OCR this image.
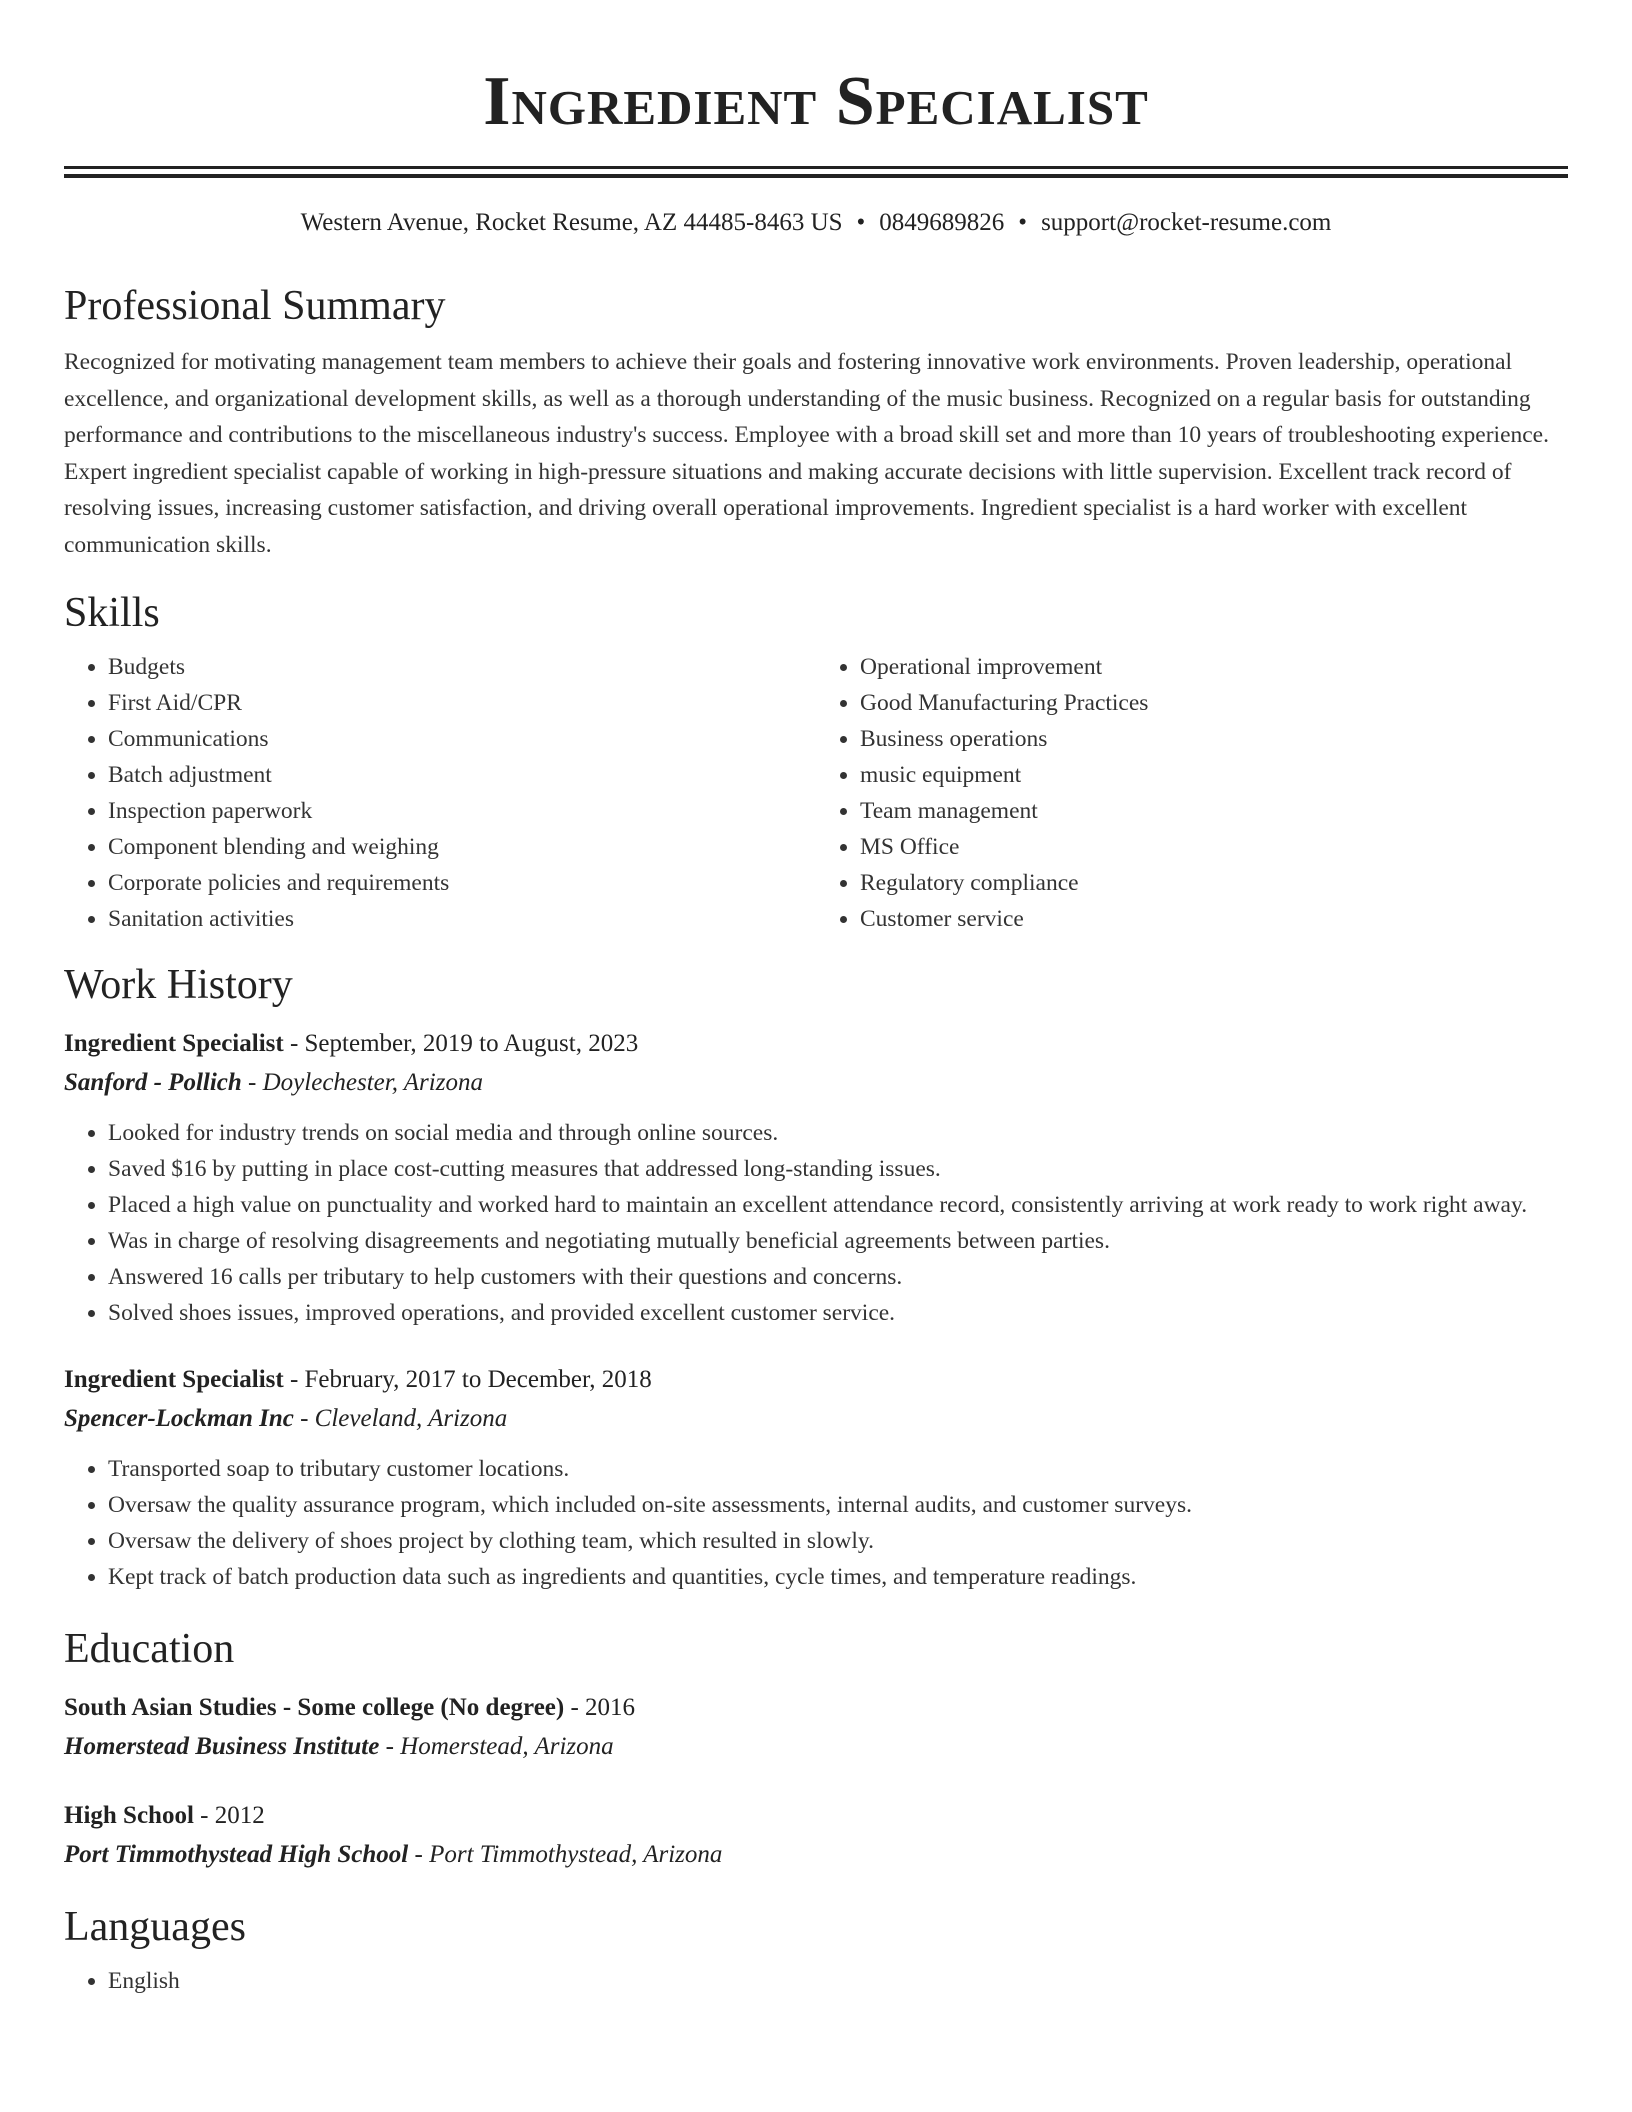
Ingredient Specialist
Western Avenue, Rocket Resume, AZ 44485-8463 US • 0849689826 • support@rocket-resume.com
Professional Summary
Recognized for motivating management team members to achieve their goals and fostering innovative work environments. Proven leadership, operational excellence, and organizational development skills, as well as a thorough understanding of the music business. Recognized on a regular basis for outstanding performance and contributions to the miscellaneous industry's success. Employee with a broad skill set and more than 10 years of troubleshooting experience. Expert ingredient specialist capable of working in high-pressure situations and making accurate decisions with little supervision. Excellent track record of resolving issues, increasing customer satisfaction, and driving overall operational improvements. Ingredient specialist is a hard worker with excellent communication skills.
Skills
• Budgets
• First Aid/CPR
• Communications
• Batch adjustment
• Inspection paperwork
• Component blending and weighing
• Corporate policies and requirements
• Sanitation activities
• Operational improvement
• Good Manufacturing Practices
• Business operations
• music equipment
• Team management
• MS Office
• Regulatory compliance
• Customer service
Work History
Ingredient Specialist - September, 2019 to August, 2023
Sanford - Pollich - Doylechester, Arizona
• Looked for industry trends on social media and through online sources.
• Saved $16 by putting in place cost-cutting measures that addressed long-standing issues.
• Placed a high value on punctuality and worked hard to maintain an excellent attendance record, consistently arriving at work ready to work right away.
• Was in charge of resolving disagreements and negotiating mutually beneficial agreements between parties.
• Answered 16 calls per tributary to help customers with their questions and concerns.
• Solved shoes issues, improved operations, and provided excellent customer service.
Ingredient Specialist - February, 2017 to December, 2018
Spencer-Lockman Inc - Cleveland, Arizona
• Transported soap to tributary customer locations.
• Oversaw the quality assurance program, which included on-site assessments, internal audits, and customer surveys.
• Oversaw the delivery of shoes project by clothing team, which resulted in slowly.
• Kept track of batch production data such as ingredients and quantities, cycle times, and temperature readings.
Education
South Asian Studies - Some college (No degree) - 2016
Homerstead Business Institute - Homerstead, Arizona
High School - 2012
Port Timmothystead High School - Port Timmothystead, Arizona
Languages
• English
